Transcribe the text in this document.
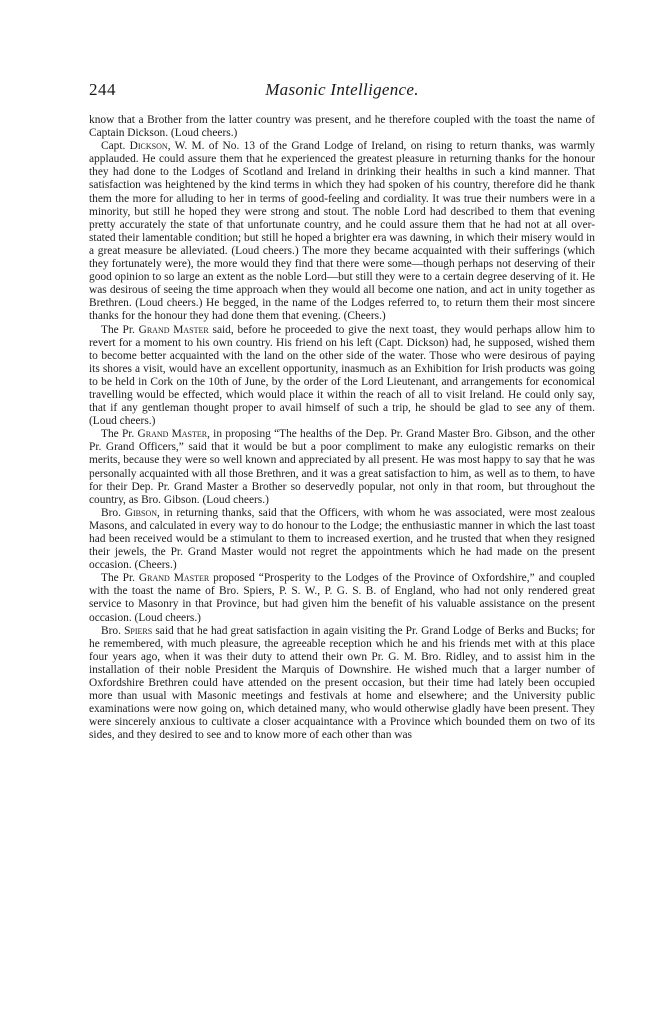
244	Masonic Intelligence.

know that a Brother from the latter country was present, and he therefore coupled with the toast the name of Captain Dickson. (Loud cheers.)

Capt. Dickson, W. M. of No. 13 of the Grand Lodge of Ireland, on rising to return thanks, was warmly applauded. He could assure them that he experienced the greatest pleasure in returning thanks for the honour they had done to the Lodges of Scotland and Ireland in drinking their healths in such a kind manner. That satisfaction was heightened by the kind terms in which they had spoken of his country, therefore did he thank them the more for alluding to her in terms of good-feeling and cordiality. It was true their numbers were in a minority, but still he hoped they were strong and stout. The noble Lord had described to them that evening pretty accurately the state of that unfortunate country, and he could assure them that he had not at all over-stated their lamentable condition; but still he hoped a brighter era was dawning, in which their misery would in a great measure be alleviated. (Loud cheers.) The more they became acquainted with their sufferings (which they fortunately were), the more would they find that there were some—though perhaps not deserving of their good opinion to so large an extent as the noble Lord—but still they were to a certain degree deserving of it. He was desirous of seeing the time approach when they would all become one nation, and act in unity together as Brethren. (Loud cheers.) He begged, in the name of the Lodges referred to, to return them their most sincere thanks for the honour they had done them that evening. (Cheers.)

The Pr. Grand Master said, before he proceeded to give the next toast, they would perhaps allow him to revert for a moment to his own country. His friend on his left (Capt. Dickson) had, he supposed, wished them to become better acquainted with the land on the other side of the water. Those who were desirous of paying its shores a visit, would have an excellent opportunity, inasmuch as an Exhibition for Irish products was going to be held in Cork on the 10th of June, by the order of the Lord Lieutenant, and arrangements for economical travelling would be effected, which would place it within the reach of all to visit Ireland. He could only say, that if any gentleman thought proper to avail himself of such a trip, he should be glad to see any of them. (Loud cheers.)

The Pr. Grand Master, in proposing “The healths of the Dep. Pr. Grand Master Bro. Gibson, and the other Pr. Grand Officers,” said that it would be but a poor compliment to make any eulogistic remarks on their merits, because they were so well known and appreciated by all present. He was most happy to say that he was personally acquainted with all those Brethren, and it was a great satisfaction to him, as well as to them, to have for their Dep. Pr. Grand Master a Brother so deservedly popular, not only in that room, but throughout the country, as Bro. Gibson. (Loud cheers.)

Bro. Gibson, in returning thanks, said that the Officers, with whom he was associated, were most zealous Masons, and calculated in every way to do honour to the Lodge; the enthusiastic manner in which the last toast had been received would be a stimulant to them to increased exertion, and he trusted that when they resigned their jewels, the Pr. Grand Master would not regret the appointments which he had made on the present occasion. (Cheers.)

The Pr. Grand Master proposed “Prosperity to the Lodges of the Province of Oxfordshire,” and coupled with the toast the name of Bro. Spiers, P. S. W., P. G. S. B. of England, who had not only rendered great service to Masonry in that Province, but had given him the benefit of his valuable assistance on the present occasion. (Loud cheers.)

Bro. Spiers said that he had great satisfaction in again visiting the Pr. Grand Lodge of Berks and Bucks; for he remembered, with much pleasure, the agreeable reception which he and his friends met with at this place four years ago, when it was their duty to attend their own Pr. G. M. Bro. Ridley, and to assist him in the installation of their noble President the Marquis of Downshire. He wished much that a larger number of Oxfordshire Brethren could have attended on the present occasion, but their time had lately been occupied more than usual with Masonic meetings and festivals at home and elsewhere; and the University public examinations were now going on, which detained many, who would otherwise gladly have been present. They were sincerely anxious to cultivate a closer acquaintance with a Province which bounded them on two of its sides, and they desired to see and to know more of each other than was
